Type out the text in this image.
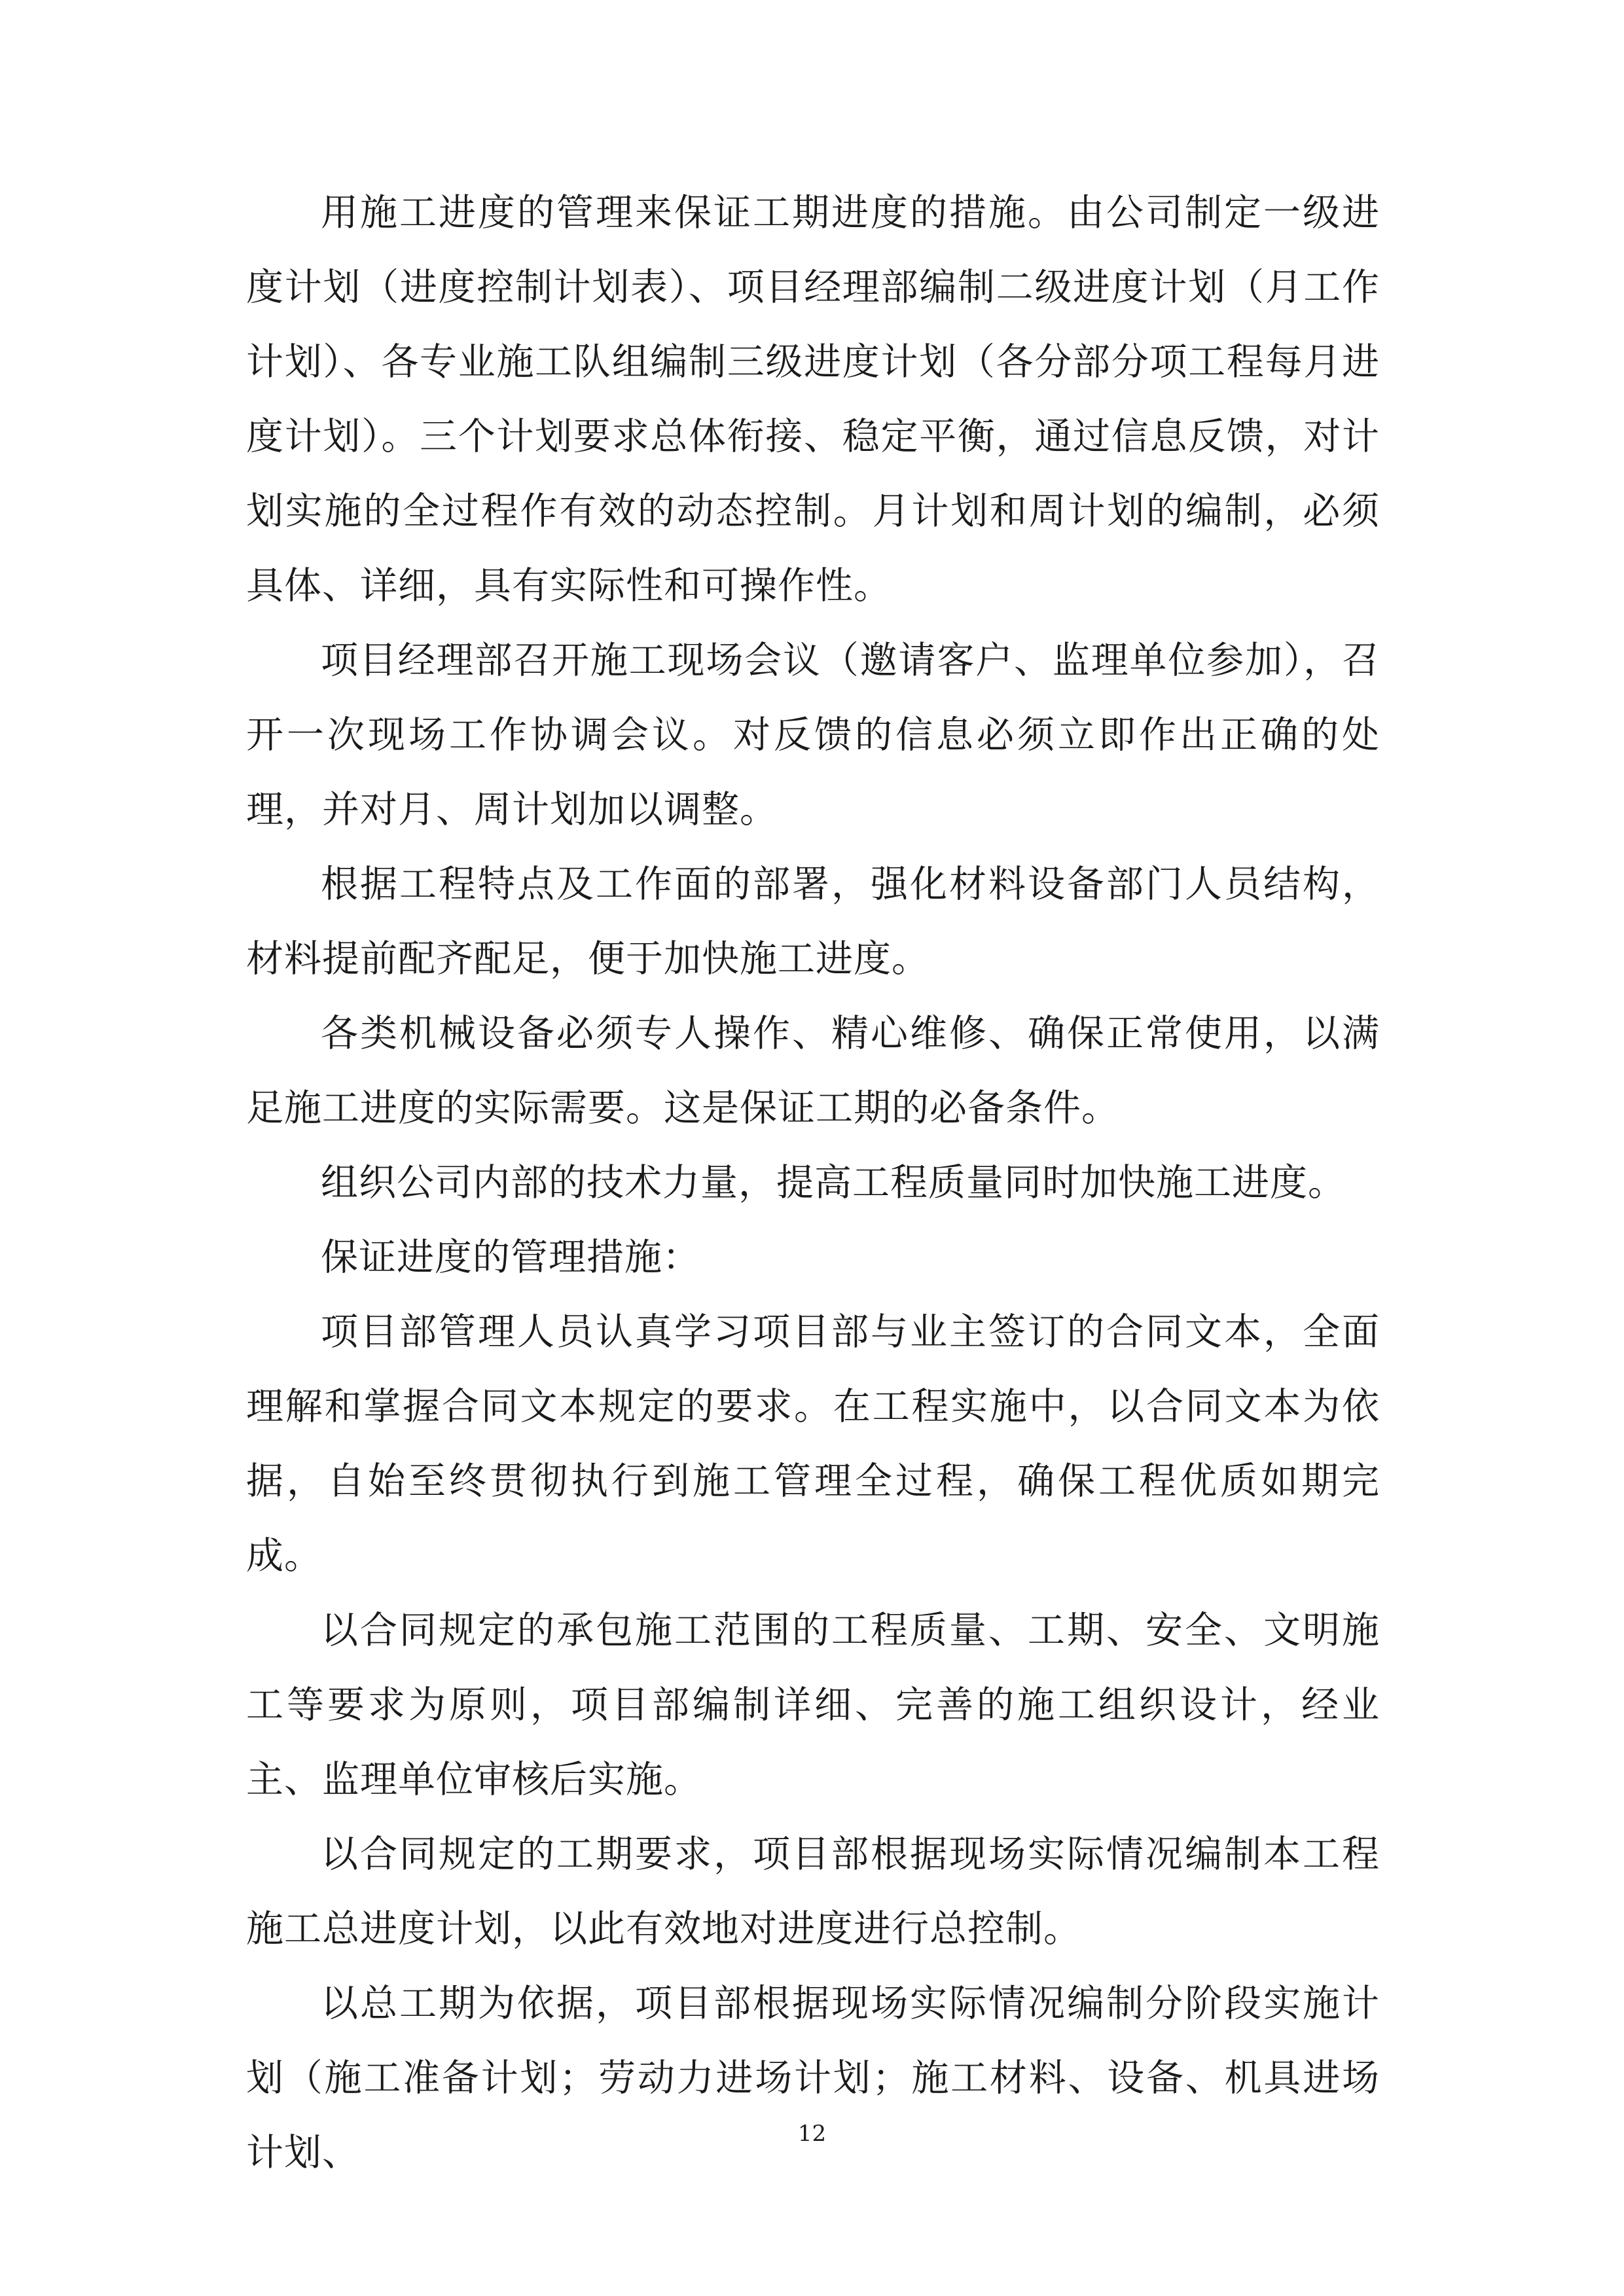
用施工进度的管理来保证工期进度的措施。由公司制定一级进度计划（进度控制计划表）、项目经理部编制二级进度计划（月工作计划）、各专业施工队组编制三级进度计划（各分部分项工程每月进度计划）。三个计划要求总体衔接、稳定平衡，通过信息反馈，对计划实施的全过程作有效的动态控制。月计划和周计划的编制，必须具体、详细，具有实际性和可操作性。

项目经理部召开施工现场会议（邀请客户、监理单位参加），召开一次现场工作协调会议。对反馈的信息必须立即作出正确的处理，并对月、周计划加以调整。

根据工程特点及工作面的部署，强化材料设备部门人员结构，材料提前配齐配足，便于加快施工进度。

各类机械设备必须专人操作、精心维修、确保正常使用，以满足施工进度的实际需要。这是保证工期的必备条件。

组织公司内部的技术力量，提高工程质量同时加快施工进度。

保证进度的管理措施：

项目部管理人员认真学习项目部与业主签订的合同文本，全面理解和掌握合同文本规定的要求。在工程实施中，以合同文本为依据，自始至终贯彻执行到施工管理全过程，确保工程优质如期完成。

以合同规定的承包施工范围的工程质量、工期、安全、文明施工等要求为原则，项目部编制详细、完善的施工组织设计，经业主、监理单位审核后实施。

以合同规定的工期要求，项目部根据现场实际情况编制本工程施工总进度计划，以此有效地对进度进行总控制。

以总工期为依据，项目部根据现场实际情况编制分阶段实施计划（施工准备计划；劳动力进场计划；施工材料、设备、机具进场计划、	12
